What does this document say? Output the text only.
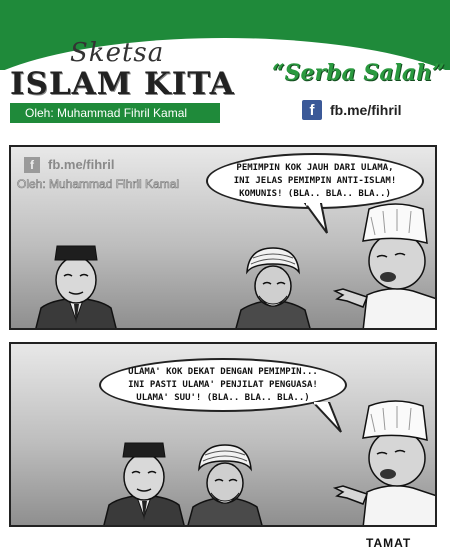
Sketsa
ISLAM KITA
Oleh: Muhammad Fihril Kamal
“Serba Salah”
f	fb.me/fihril
f	fb.me/fihril
Oleh: Muhammad Fihril Kamal
PEMIMPIN KOK JAUH DARI ULAMA,
INI JELAS PEMIMPIN ANTI-ISLAM!
KOMUNIS! (BLA.. BLA.. BLA..)
ULAMA' KOK DEKAT DENGAN PEMIMPIN...
INI PASTI ULAMA' PENJILAT PENGUASA!
ULAMA' SUU'! (BLA.. BLA.. BLA..)
TAMAT
